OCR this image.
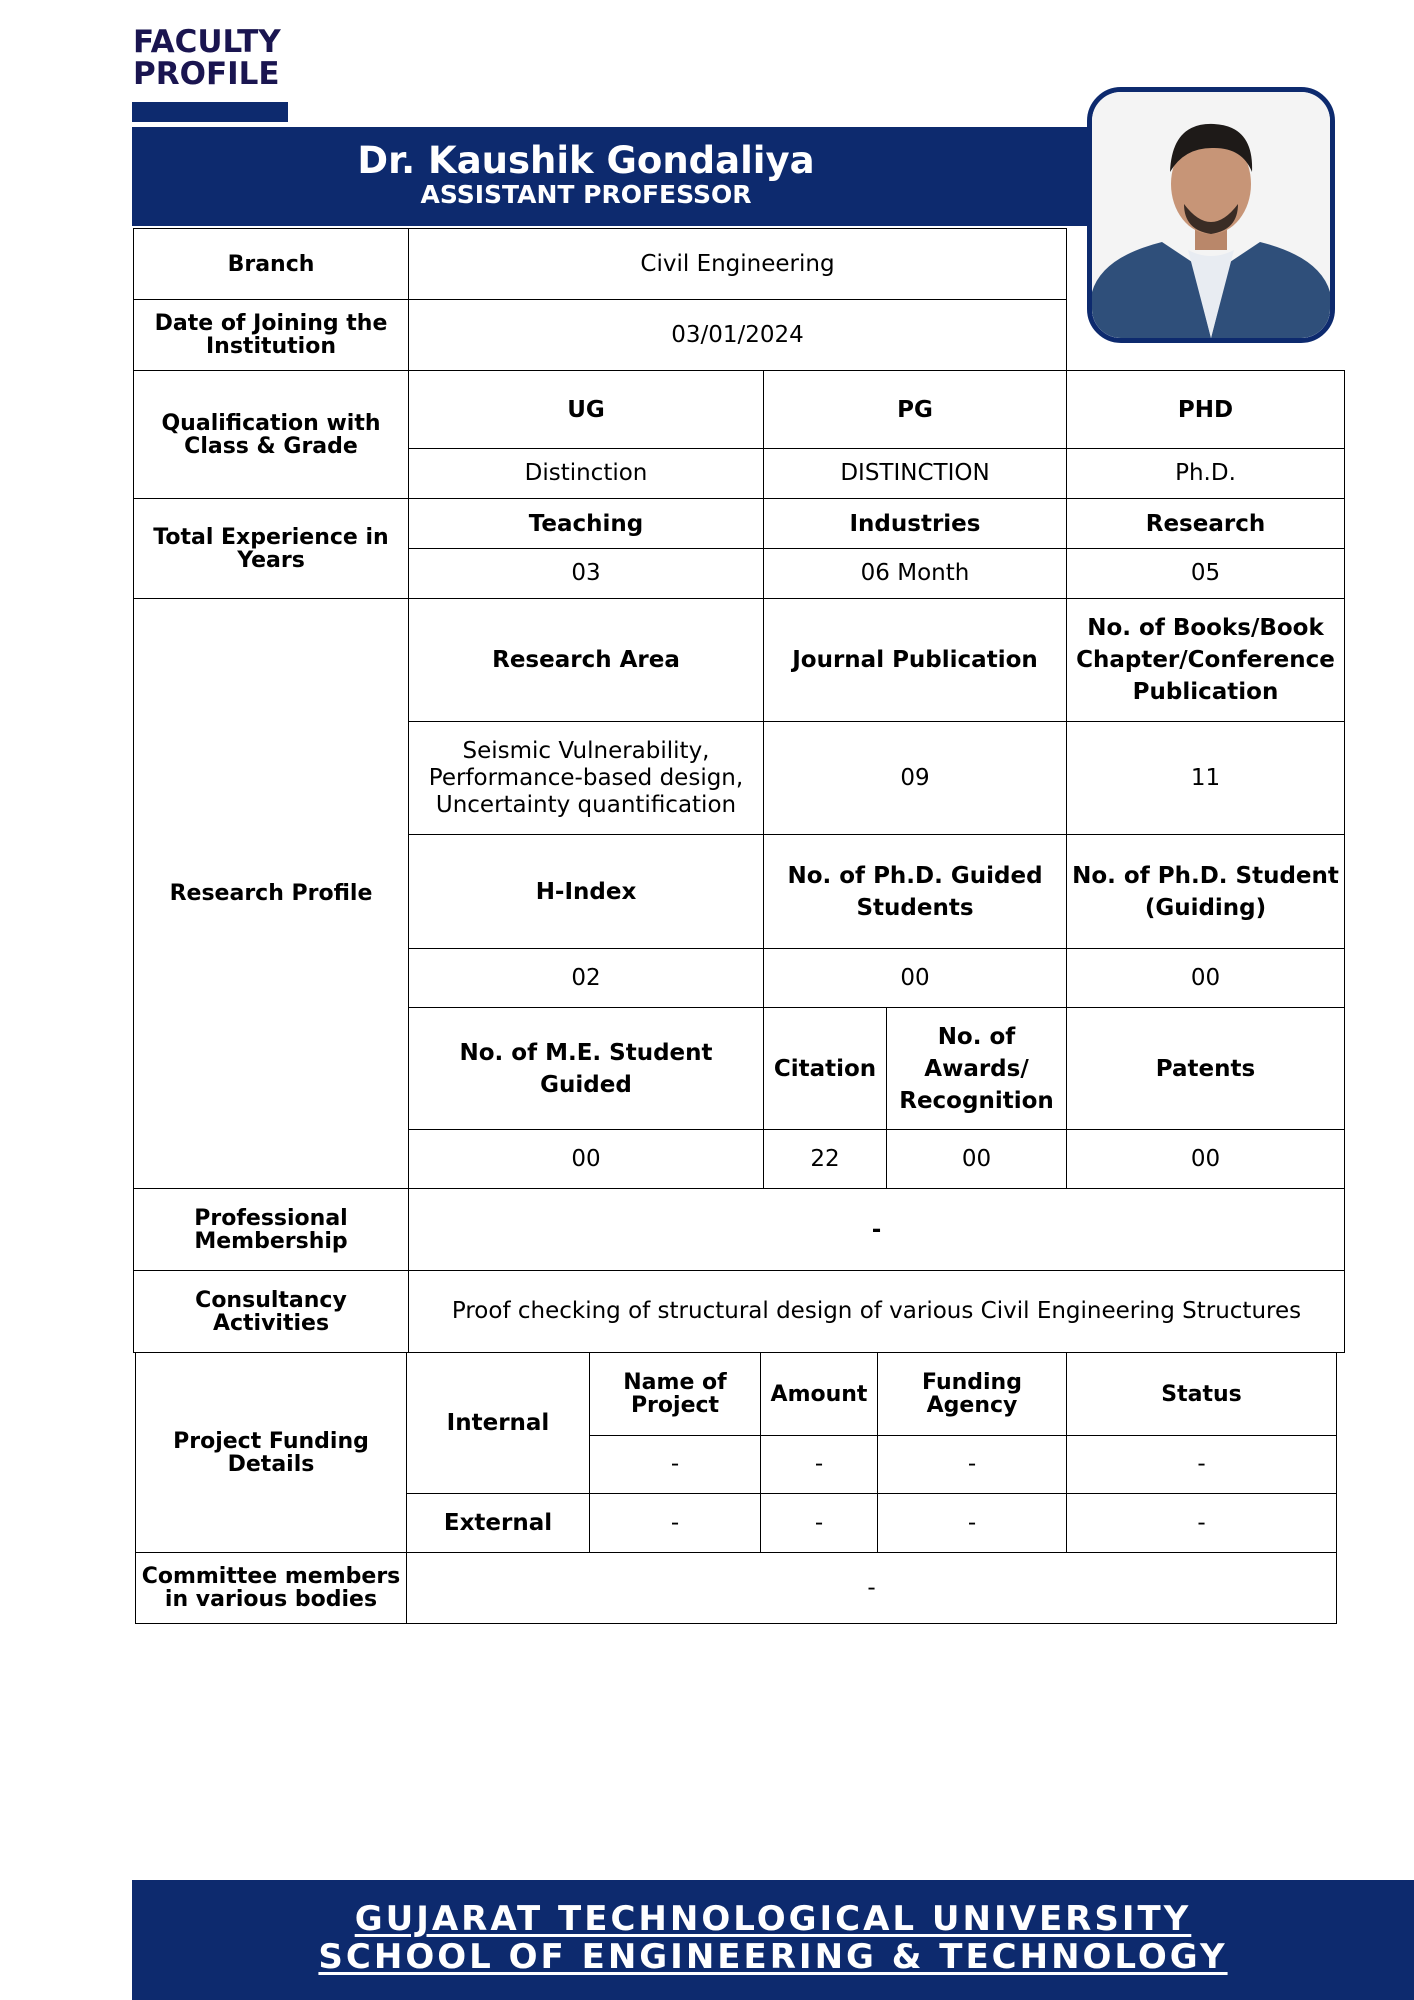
FACULTY
PROFILE
Dr. Kaushik Gondaliya
ASSISTANT PROFESSOR
Branch	Civil Engineering			
Date of Joining the Institution	03/01/2024			
Qualification with Class & Grade	UG	PG		PHD
	Distinction	DISTINCTION		Ph.D.
Total Experience in Years	Teaching	Industries		Research
	03	06 Month		05
Research Profile	Research Area	Journal Publication		No. of Books/Book Chapter/Conference Publication
	Seismic Vulnerability, Performance-based design, Uncertainty quantification	09		11
	H-Index	No. of Ph.D. Guided Students		No. of Ph.D. Student (Guiding)
	02	00		00
	No. of M.E. Student Guided	Citation	No. of Awards/ Recognition	Patents
	00	22	00	00
Professional Membership	-			
Consultancy Activities	Proof checking of structural design of various Civil Engineering Structures			
Project Funding Details	Internal	Name of Project	Amount	Funding Agency	Status
		-	-	-	-
	External	-	-	-	-
Committee members in various bodies	-				
GUJARAT TECHNOLOGICAL UNIVERSITY
SCHOOL OF ENGINEERING & TECHNOLOGY
